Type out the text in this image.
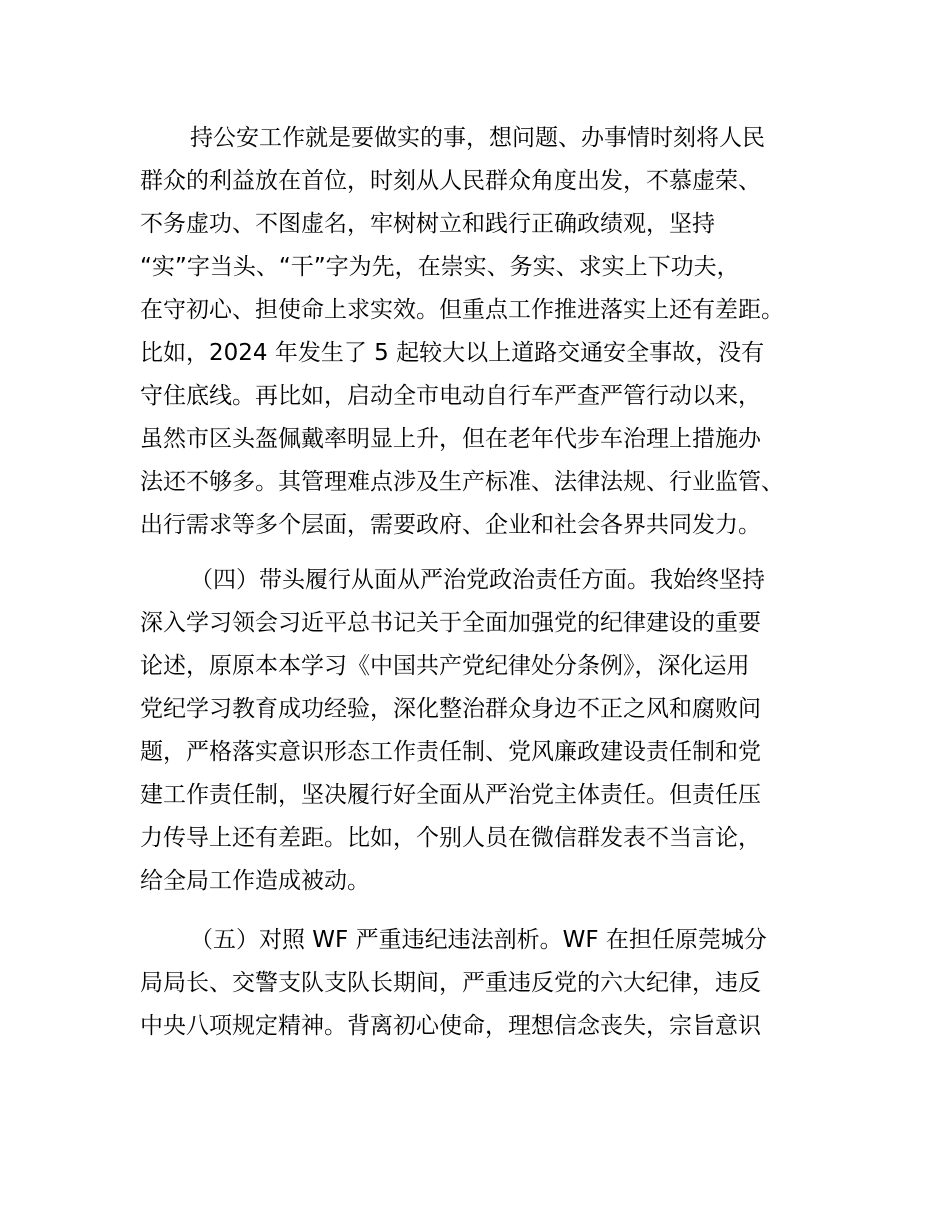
持公安工作就是要做实的事，想问题、办事情时刻将人民
群众的利益放在首位，时刻从人民群众角度出发，不慕虚荣、
不务虚功、不图虚名，牢树树立和践行正确政绩观，坚持
“实”字当头、“干”字为先，在崇实、务实、求实上下功夫，
在守初心、担使命上求实效。但重点工作推进落实上还有差距。
比如，2024 年发生了 5 起较大以上道路交通安全事故，没有
守住底线。再比如，启动全市电动自行车严查严管行动以来，
虽然市区头盔佩戴率明显上升，但在老年代步车治理上措施办
法还不够多。其管理难点涉及生产标准、法律法规、行业监管、
出行需求等多个层面，需要政府、企业和社会各界共同发力。
（四）带头履行从面从严治党政治责任方面。我始终坚持
深入学习领会习近平总书记关于全面加强党的纪律建设的重要
论述，原原本本学习《中国共产党纪律处分条例》，深化运用
党纪学习教育成功经验，深化整治群众身边不正之风和腐败问
题，严格落实意识形态工作责任制、党风廉政建设责任制和党
建工作责任制，坚决履行好全面从严治党主体责任。但责任压
力传导上还有差距。比如，个别人员在微信群发表不当言论，
给全局工作造成被动。
（五）对照 WF 严重违纪违法剖析。WF 在担任原莞城分
局局长、交警支队支队长期间，严重违反党的六大纪律，违反
中央八项规定精神。背离初心使命，理想信念丧失，宗旨意识
